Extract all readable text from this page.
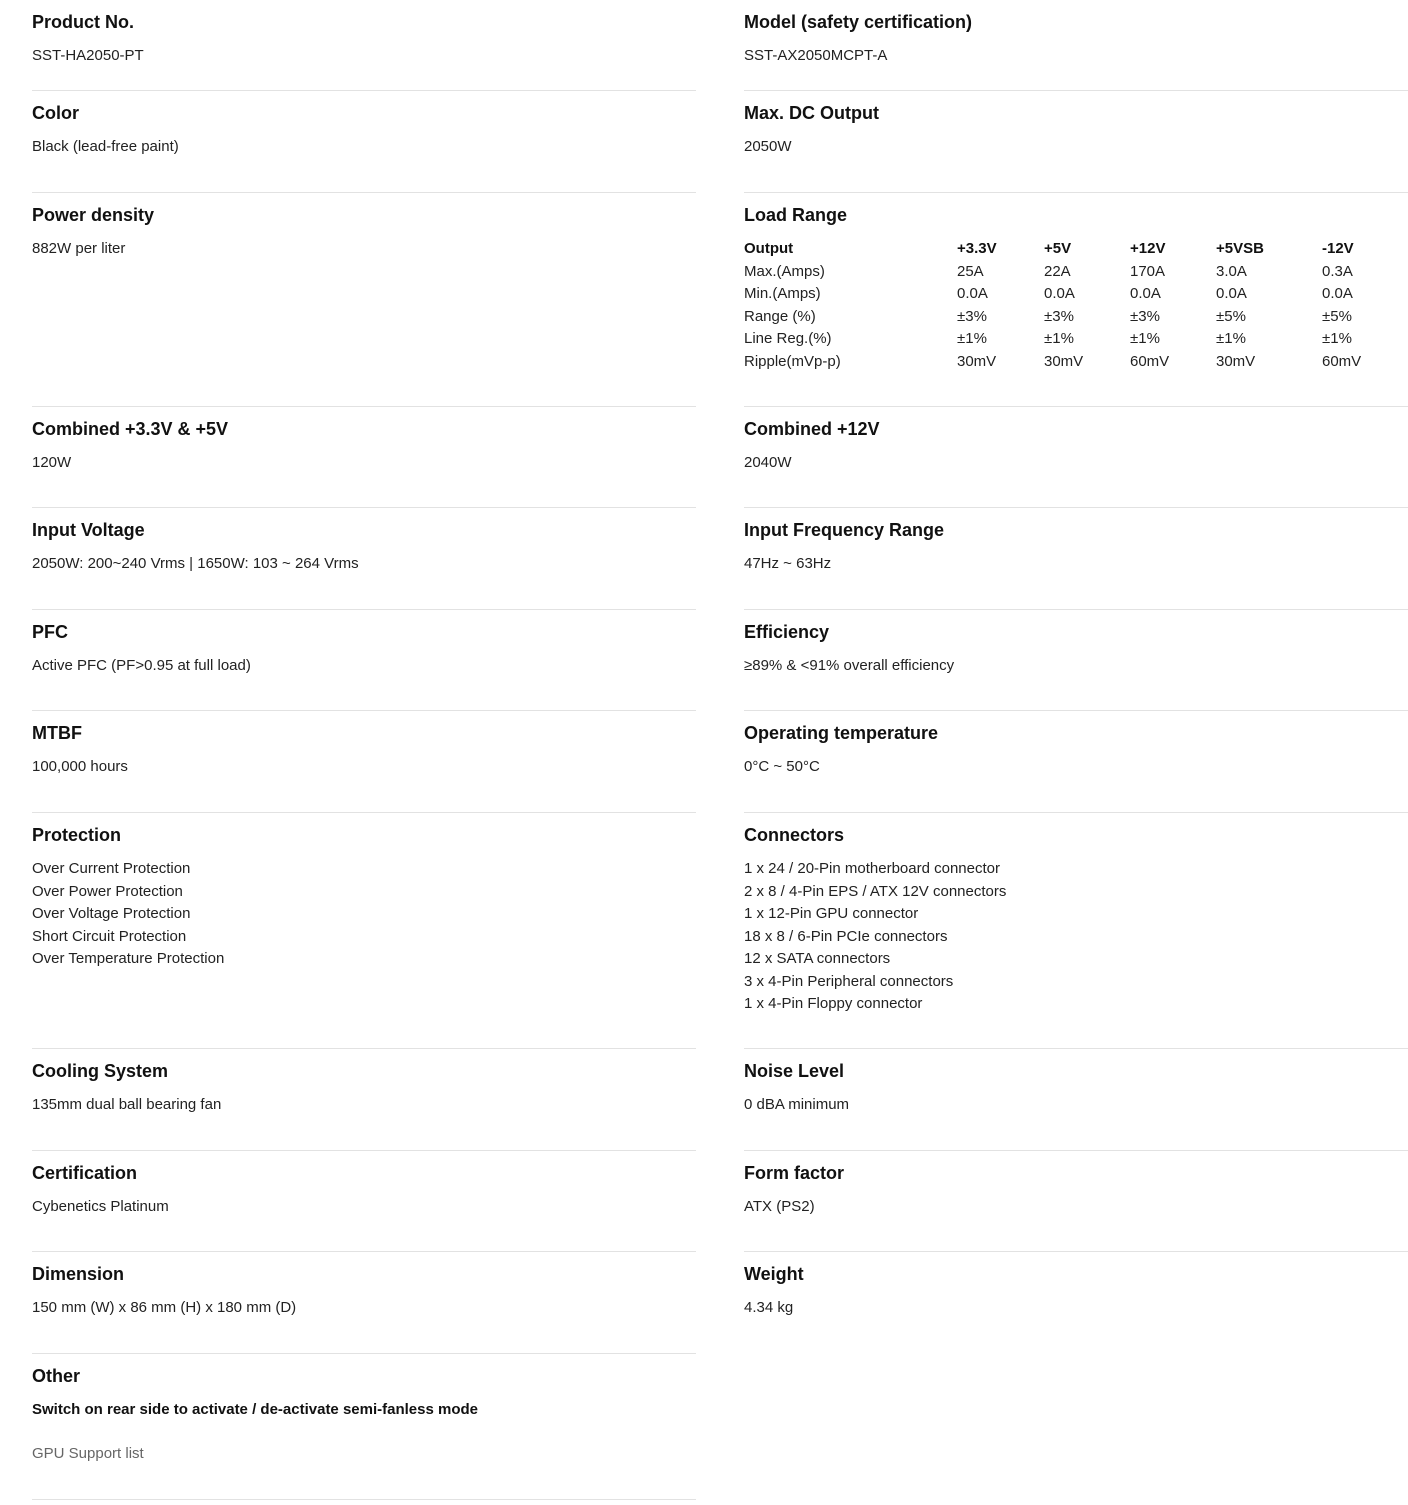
Product No.
SST-HA2050-PT
Color
Black (lead-free paint)
Power density
882W per liter
Combined +3.3V & +5V
120W
Input Voltage
2050W: 200~240 Vrms | 1650W: 103 ~ 264 Vrms
PFC
Active PFC (PF>0.95 at full load)
MTBF
100,000 hours
Protection
Over Current Protection
Over Power Protection
Over Voltage Protection
Short Circuit Protection
Over Temperature Protection
Cooling System
135mm dual ball bearing fan
Certification
Cybenetics Platinum
Dimension
150 mm (W) x 86 mm (H) x 180 mm (D)
Other
Switch on rear side to activate / de-activate semi-fanless mode
GPU Support list
Model (safety certification)
SST-AX2050MCPT-A
Max. DC Output
2050W
Load Range
Output	+3.3V	+5V	+12V	+5VSB	-12V
Max.(Amps)	25A	22A	170A	3.0A	0.3A
Min.(Amps)	0.0A	0.0A	0.0A	0.0A	0.0A
Range (%)	±3%	±3%	±3%	±5%	±5%
Line Reg.(%)	±1%	±1%	±1%	±1%	±1%
Ripple(mVp-p)	30mV	30mV	60mV	30mV	60mV
Combined +12V
2040W
Input Frequency Range
47Hz ~ 63Hz
Efficiency
≥89% & <91% overall efficiency
Operating temperature
0°C ~ 50°C
Connectors
1 x 24 / 20-Pin motherboard connector
2 x 8 / 4-Pin EPS / ATX 12V connectors
1 x 12-Pin GPU connector
18 x 8 / 6-Pin PCIe connectors
12 x SATA connectors
3 x 4-Pin Peripheral connectors
1 x 4-Pin Floppy connector
Noise Level
0 dBA minimum
Form factor
ATX (PS2)
Weight
4.34 kg
